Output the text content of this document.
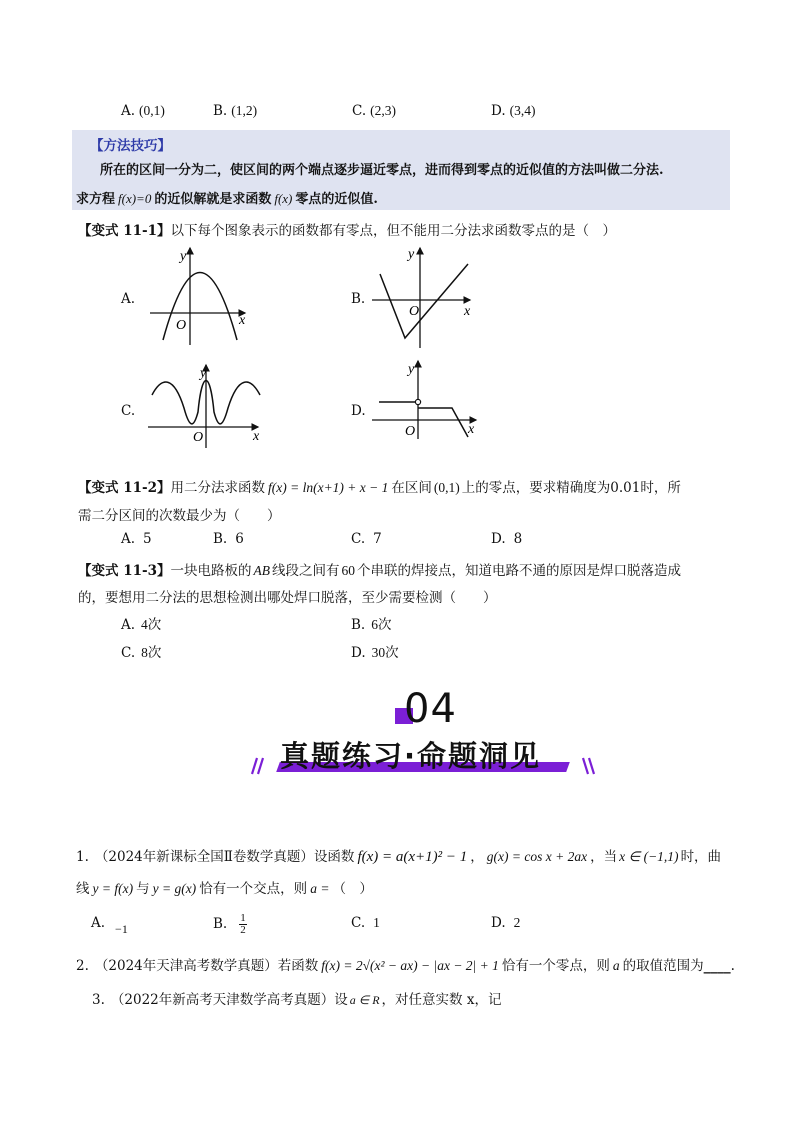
A. (0,1)	B. (1,2)	C. (2,3)	D. (3,4)
【方法技巧】
所在的区间一分为二，使区间的两个端点逐步逼近零点，进而得到零点的近似值的方法叫做二分法.
求方程 f(x)=0 的近似解就是求函数 f(x) 零点的近似值.
【变式 11-1】以下每个图象表示的函数都有零点，但不能用二分法求函数零点的是（　）
A.	B.
C.	D.
y
x
O
y
x
O
y
x
O
y
x
O
【变式 11-2】用二分法求函数 f(x) = ln(x+1) + x − 1 在区间 (0,1) 上的零点，要求精确度为0.01时，所
需二分区间的次数最少为（　　）
A. 5	B. 6	C. 7	D. 8
【变式 11-3】一块电路板的 AB 线段之间有 60 个串联的焊接点，知道电路不通的原因是焊口脱落造成
的，要想用二分法的思想检测出哪处焊口脱落，至少需要检测（　　）
A. 4次	B. 6次
C. 8次	D. 30次
04
真题练习·命题洞见
1. （2024年新课标全国Ⅱ卷数学真题）设函数 f(x) = a(x+1)² − 1 ， g(x) = cos x + 2ax ，当 x ∈ (−1,1) 时，曲
线 y = f(x) 与 y = g(x) 恰有一个交点，则 a = （　）
A. −1	B. $\frac{1}{2}$	C. 1	D. 2
2. （2024年天津高考数学真题）若函数 f(x) = 2√(x² − ax) − |ax − 2| + 1 恰有一个零点，则 a 的取值范围为____.
3. （2022年新高考天津数学高考真题）设 a ∈ R ，对任意实数 x，记
